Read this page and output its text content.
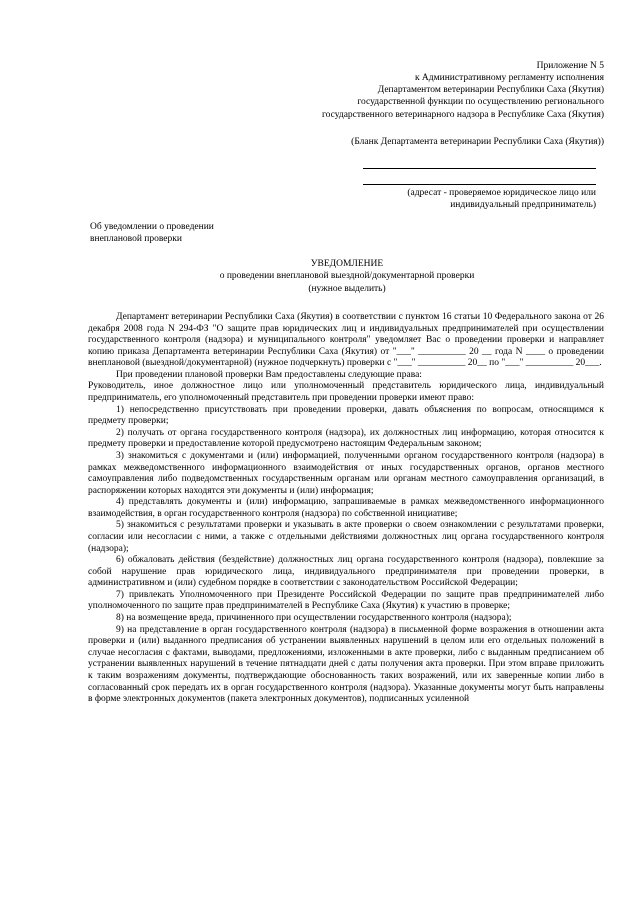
Приложение N 5
к Административному регламенту исполнения
Департаментом ветеринарии Республики Саха (Якутия)
государственной функции по осуществлению регионального
государственного ветеринарного надзора в Республике Саха (Якутия)
(Бланк Департамента ветеринарии Республики Саха (Якутия))
(адресат - проверяемое юридическое лицо или
индивидуальный предприниматель)
Об уведомлении о проведении
внеплановой проверки
УВЕДОМЛЕНИЕ
о проведении внеплановой выездной/документарной проверки
(нужное выделить)

Департамент ветеринарии Республики Саха (Якутия) в соответствии с пунктом 16 статьи 10 Федерального закона от 26 декабря 2008 года N 294-ФЗ "О защите прав юридических лиц и индивидуальных предпринимателей при осуществлении государственного контроля (надзора) и муниципального контроля" уведомляет Вас о проведении проверки и направляет копию приказа Департамента ветеринарии Республики Саха (Якутия) от "___" __________ 20 __ года N ____ о проведении внеплановой (выездной/документарной) (нужное подчеркнуть) проверки с "___" __________ 20__ по "___" __________ 20___.

При проведении плановой проверки Вам предоставлены следующие права:

Руководитель, иное должностное лицо или уполномоченный представитель юридического лица, индивидуальный предприниматель, его уполномоченный представитель при проведении проверки имеют право:

1) непосредственно присутствовать при проведении проверки, давать объяснения по вопросам, относящимся к предмету проверки;

2) получать от органа государственного контроля (надзора), их должностных лиц информацию, которая относится к предмету проверки и предоставление которой предусмотрено настоящим Федеральным законом;

3) знакомиться с документами и (или) информацией, полученными органом государственного контроля (надзора) в рамках межведомственного информационного взаимодействия от иных государственных органов, органов местного самоуправления либо подведомственных государственным органам или органам местного самоуправления организаций, в распоряжении которых находятся эти документы и (или) информация;

4) представлять документы и (или) информацию, запрашиваемые в рамках межведомственного информационного взаимодействия, в орган государственного контроля (надзора) по собственной инициативе;

5) знакомиться с результатами проверки и указывать в акте проверки о своем ознакомлении с результатами проверки, согласии или несогласии с ними, а также с отдельными действиями должностных лиц органа государственного контроля (надзора);

6) обжаловать действия (бездействие) должностных лиц органа государственного контроля (надзора), повлекшие за собой нарушение прав юридического лица, индивидуального предпринимателя при проведении проверки, в административном и (или) судебном порядке в соответствии с законодательством Российской Федерации;

7) привлекать Уполномоченного при Президенте Российской Федерации по защите прав предпринимателей либо уполномоченного по защите прав предпринимателей в Республике Саха (Якутия) к участию в проверке;

8) на возмещение вреда, причиненного при осуществлении государственного контроля (надзора);

9) на представление в орган государственного контроля (надзора) в письменной форме возражения в отношении акта проверки и (или) выданного предписания об устранении выявленных нарушений в целом или его отдельных положений в случае несогласия с фактами, выводами, предложениями, изложенными в акте проверки, либо с выданным предписанием об устранении выявленных нарушений в течение пятнадцати дней с даты получения акта проверки. При этом вправе приложить к таким возражениям документы, подтверждающие обоснованность таких возражений, или их заверенные копии либо в согласованный срок передать их в орган государственного контроля (надзора). Указанные документы могут быть направлены в форме электронных документов (пакета электронных документов), подписанных усиленной
